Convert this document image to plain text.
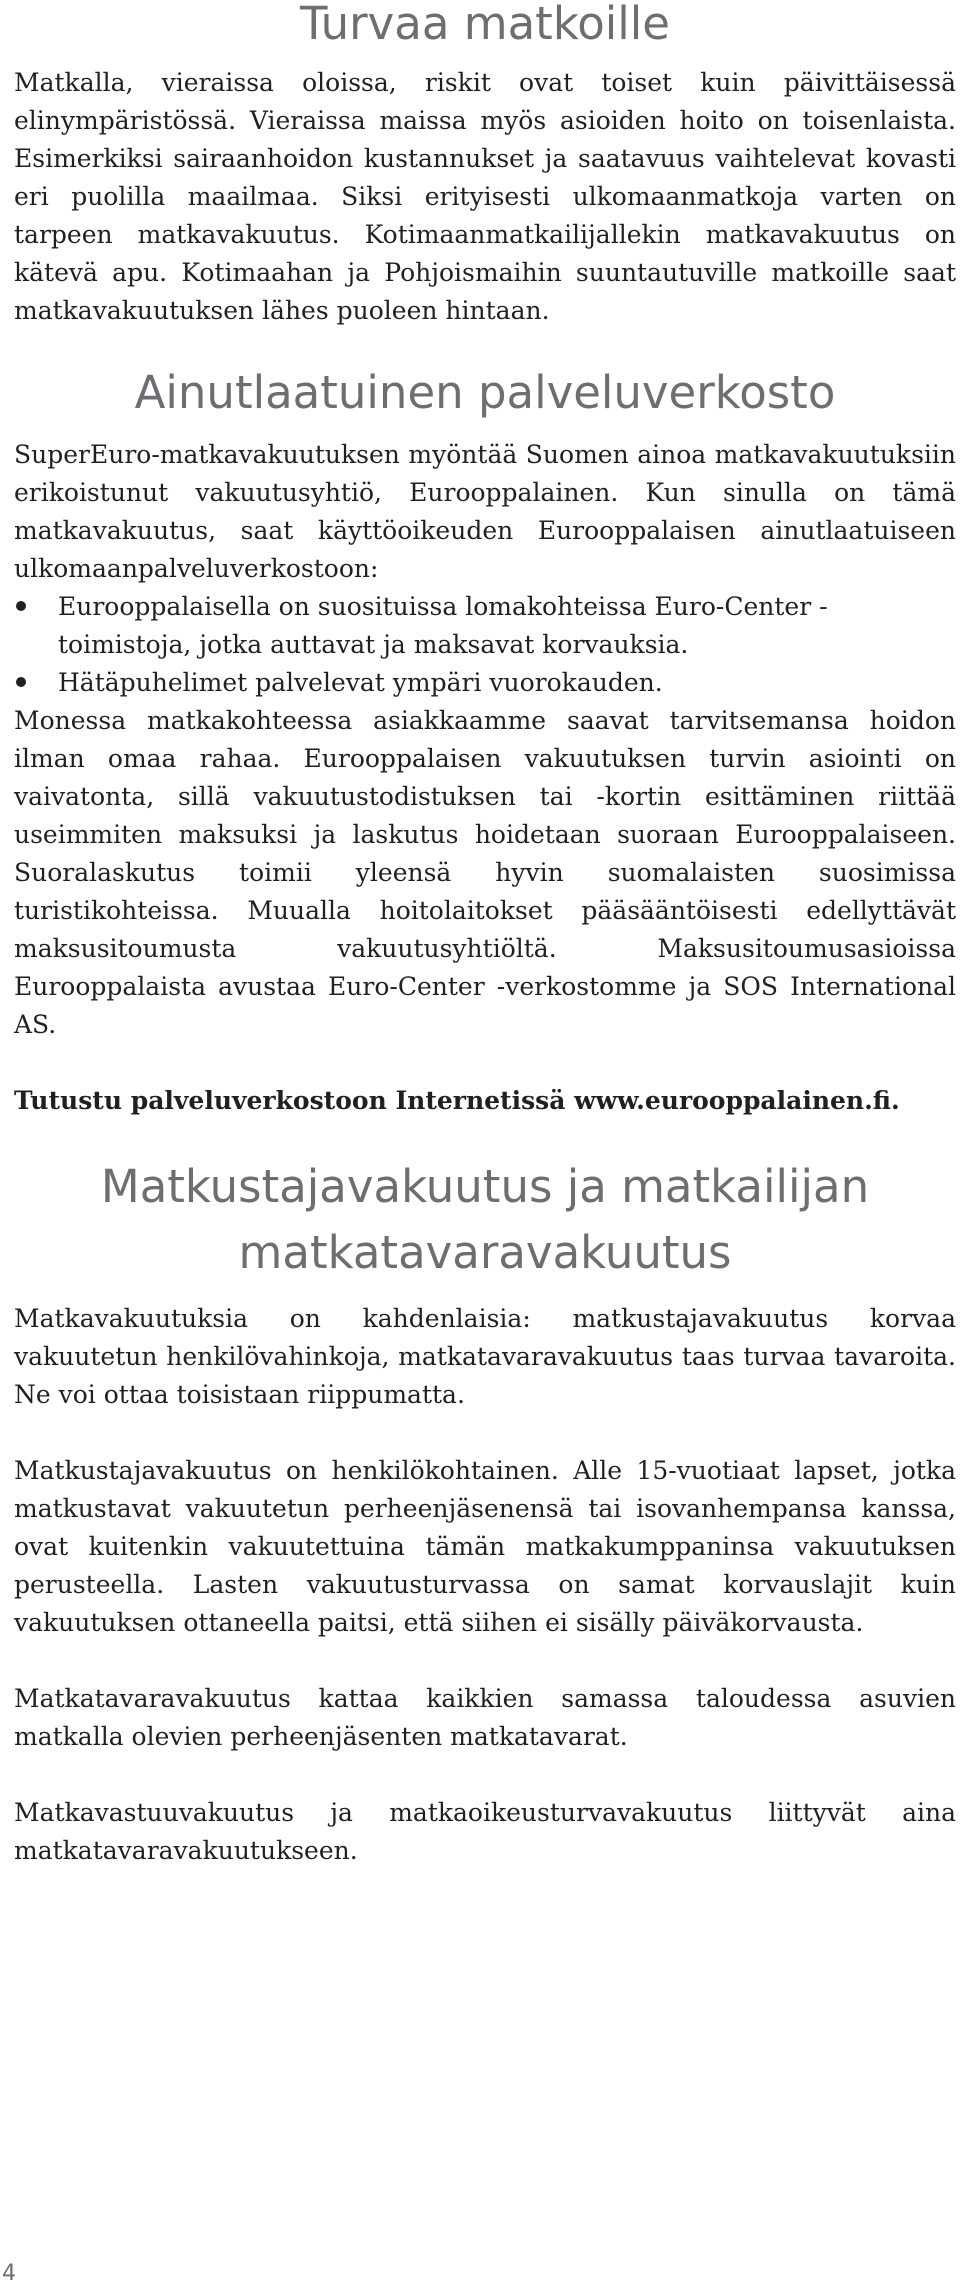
Turvaa matkoille

Matkalla, vieraissa oloissa, riskit ovat toiset kuin päivittäisessä elinympäristössä. Vieraissa maissa myös asioiden hoito on toisenlaista. Esimerkiksi sairaanhoidon kustannukset ja saatavuus vaihtelevat kovasti eri puolilla maailmaa. Siksi erityisesti ulkomaanmatkoja varten on tarpeen matkavakuutus. Kotimaanmatkailijallekin matkavakuutus on kätevä apu. Kotimaahan ja Pohjoismaihin suuntautuville matkoille saat matkavakuutuksen lähes puoleen hintaan.

Ainutlaatuinen palveluverkosto

SuperEuro-matkavakuutuksen myöntää Suomen ainoa matkavakuutuksiin erikoistunut vakuutusyhtiö, Eurooppalainen. Kun sinulla on tämä matkavakuutus, saat käyttöoikeuden Eurooppalaisen ainutlaatuiseen ulkomaanpalveluverkostoon:

Eurooppalaisella on suosituissa lomakohteissa Euro-Center -toimistoja, jotka auttavat ja maksavat korvauksia.
Hätäpuhelimet palvelevat ympäri vuorokauden.

Monessa matkakohteessa asiakkaamme saavat tarvitsemansa hoidon ilman omaa rahaa. Eurooppalaisen vakuutuksen turvin asiointi on vaivatonta, sillä vakuutustodistuksen tai -kortin esittäminen riittää useimmiten maksuksi ja laskutus hoidetaan suoraan Eurooppalaiseen. Suoralaskutus toimii yleensä hyvin suomalaisten suosimissa turistikohteissa. Muualla hoitolaitokset pääsääntöisesti edellyttävät maksusitoumusta vakuutusyhtiöltä. Maksusitoumusasioissa Eurooppalaista avustaa Euro-Center -verkostomme ja SOS International AS.

Tutustu palveluverkostoon Internetissä www.eurooppalainen.fi.

Matkustajavakuutus ja matkailijan
matkatavaravakuutus

Matkavakuutuksia on kahdenlaisia: matkustajavakuutus korvaa vakuutetun henkilövahinkoja, matkatavaravakuutus taas turvaa tavaroita. Ne voi ottaa toisistaan riippumatta.

Matkustajavakuutus on henkilökohtainen. Alle 15-vuotiaat lapset, jotka matkustavat vakuutetun perheenjäsenensä tai isovanhempansa kanssa, ovat kuitenkin vakuutettuina tämän matkakumppaninsa vakuutuksen perusteella. Lasten vakuutusturvassa on samat korvauslajit kuin vakuutuksen ottaneella paitsi, että siihen ei sisälly päiväkorvausta.

Matkatavaravakuutus kattaa kaikkien samassa taloudessa asuvien matkalla olevien perheenjäsenten matkatavarat.

Matkavastuuvakuutus ja matkaoikeusturvavakuutus liittyvät aina matkatavaravakuutukseen.

4
